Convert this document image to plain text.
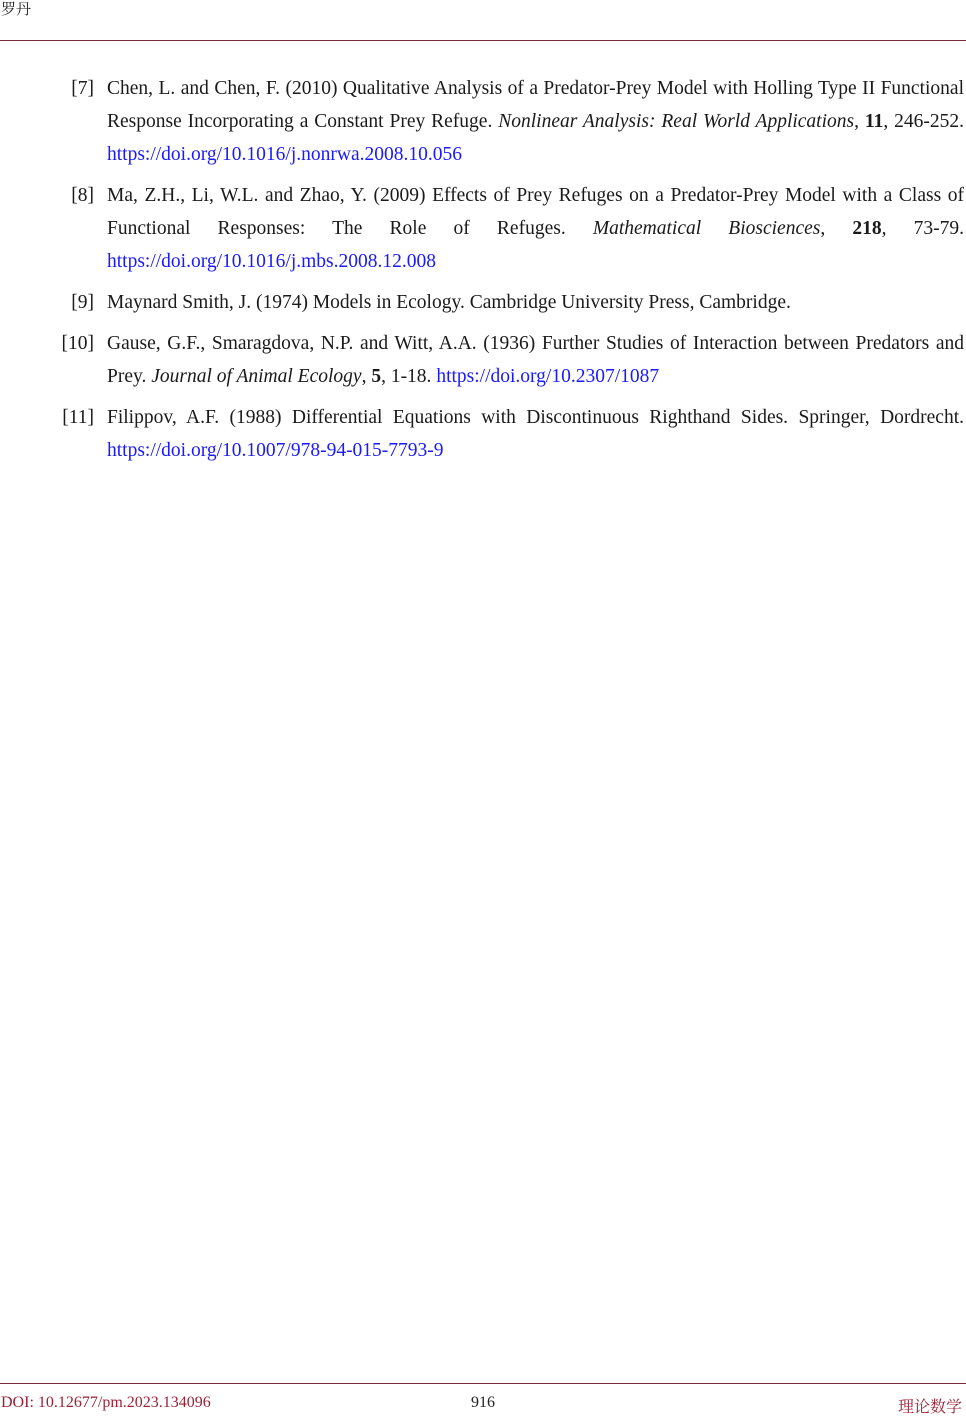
罗丹
[7] Chen, L. and Chen, F. (2010) Qualitative Analysis of a Predator-Prey Model with Holling Type II Functional Response Incorporating a Constant Prey Refuge. Nonlinear Analysis: Real World Applications, 11, 246-252. https://doi.org/10.1016/j.nonrwa.2008.10.056
[8] Ma, Z.H., Li, W.L. and Zhao, Y. (2009) Effects of Prey Refuges on a Predator-Prey Model with a Class of Functional Responses: The Role of Refuges. Mathematical Biosciences, 218, 73-79. https://doi.org/10.1016/j.mbs.2008.12.008
[9] Maynard Smith, J. (1974) Models in Ecology. Cambridge University Press, Cambridge.
[10] Gause, G.F., Smaragdova, N.P. and Witt, A.A. (1936) Further Studies of Interaction between Predators and Prey. Journal of Animal Ecology, 5, 1-18. https://doi.org/10.2307/1087
[11] Filippov, A.F. (1988) Differential Equations with Discontinuous Righthand Sides. Springer, Dordrecht. https://doi.org/10.1007/978-94-015-7793-9
DOI: 10.12677/pm.2023.134096	916	理论数学
